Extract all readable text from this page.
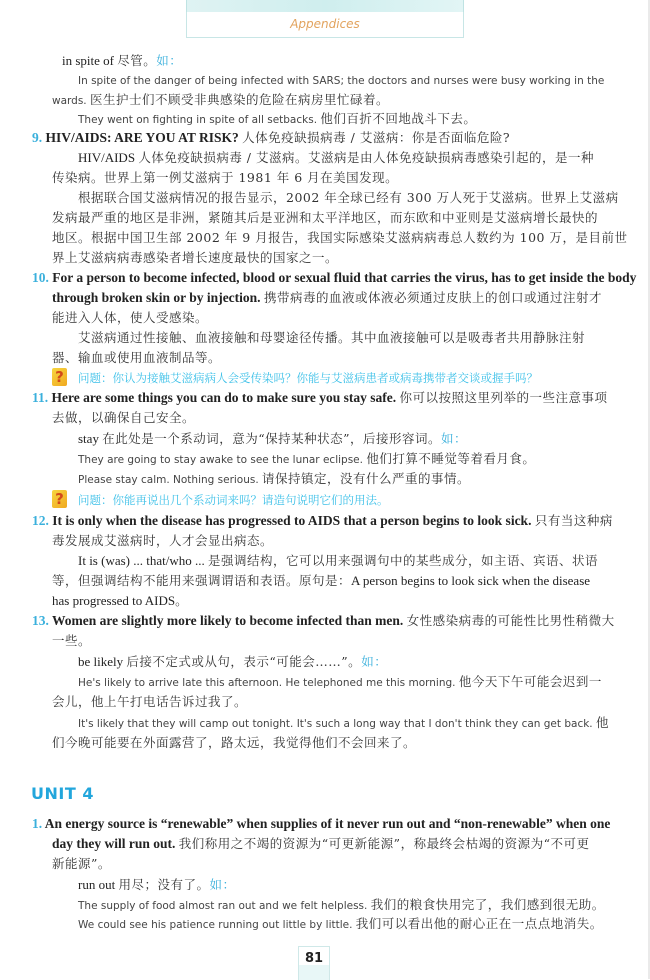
Appendices
in spite of 尽管。如：
In spite of the danger of being infected with SARS; the doctors and nurses were busy working in the
wards. 医生护士们不顾受非典感染的危险在病房里忙碌着。
They went on fighting in spite of all setbacks. 他们百折不回地战斗下去。
9. HIV/AIDS: ARE YOU AT RISK? 人体免疫缺损病毒 / 艾滋病：你是否面临危险?
HIV/AIDS 人体免疫缺损病毒 / 艾滋病。艾滋病是由人体免疫缺损病毒感染引起的，是一种
传染病。世界上第一例艾滋病于 1981 年 6 月在美国发现。
根据联合国艾滋病情况的报告显示，2002 年全球已经有 300 万人死于艾滋病。世界上艾滋病
发病最严重的地区是非洲，紧随其后是亚洲和太平洋地区，而东欧和中亚则是艾滋病增长最快的
地区。根据中国卫生部 2002 年 9 月报告，我国实际感染艾滋病病毒总人数约为 100 万，是目前世
界上艾滋病病毒感染者增长速度最快的国家之一。
10. For a person to become infected, blood or sexual fluid that carries the virus, has to get inside the body
through broken skin or by injection. 携带病毒的血液或体液必须通过皮肤上的创口或通过注射才
能进入人体，使人受感染。
艾滋病通过性接触、血液接触和母婴途径传播。其中血液接触可以是吸毒者共用静脉注射
器、输血或使用血液制品等。
问题：你认为接触艾滋病病人会受传染吗？你能与艾滋病患者或病毒携带者交谈或握手吗？
11. Here are some things you can do to make sure you stay safe. 你可以按照这里列举的一些注意事项
去做，以确保自己安全。
stay 在此处是一个系动词，意为“保持某种状态”，后接形容词。如：
They are going to stay awake to see the lunar eclipse. 他们打算不睡觉等着看月食。
Please stay calm. Nothing serious. 请保持镇定，没有什么严重的事情。
问题：你能再说出几个系动词来吗？请造句说明它们的用法。
12. It is only when the disease has progressed to AIDS that a person begins to look sick. 只有当这种病
毒发展成艾滋病时，人才会显出病态。
It is (was) ... that/who ... 是强调结构，它可以用来强调句中的某些成分，如主语、宾语、状语
等，但强调结构不能用来强调谓语和表语。原句是：A person begins to look sick when the disease
has progressed to AIDS。
13. Women are slightly more likely to become infected than men. 女性感染病毒的可能性比男性稍微大
一些。
be likely 后接不定式或从句，表示“可能会……”。如：
He's likely to arrive late this afternoon. He telephoned me this morning. 他今天下午可能会迟到一
会儿，他上午打电话告诉过我了。
It's likely that they will camp out tonight. It's such a long way that I don't think they can get back. 他
们今晚可能要在外面露营了，路太远，我觉得他们不会回来了。
1. An energy source is “renewable” when supplies of it never run out and “non-renewable” when one
day they will run out. 我们称用之不竭的资源为“可更新能源”，称最终会枯竭的资源为“不可更
新能源”。
run out 用尽；没有了。如：
The supply of food almost ran out and we felt helpless. 我们的粮食快用完了，我们感到很无助。
We could see his patience running out little by little. 我们可以看出他的耐心正在一点点地消失。
UNIT 4
?
?
81
